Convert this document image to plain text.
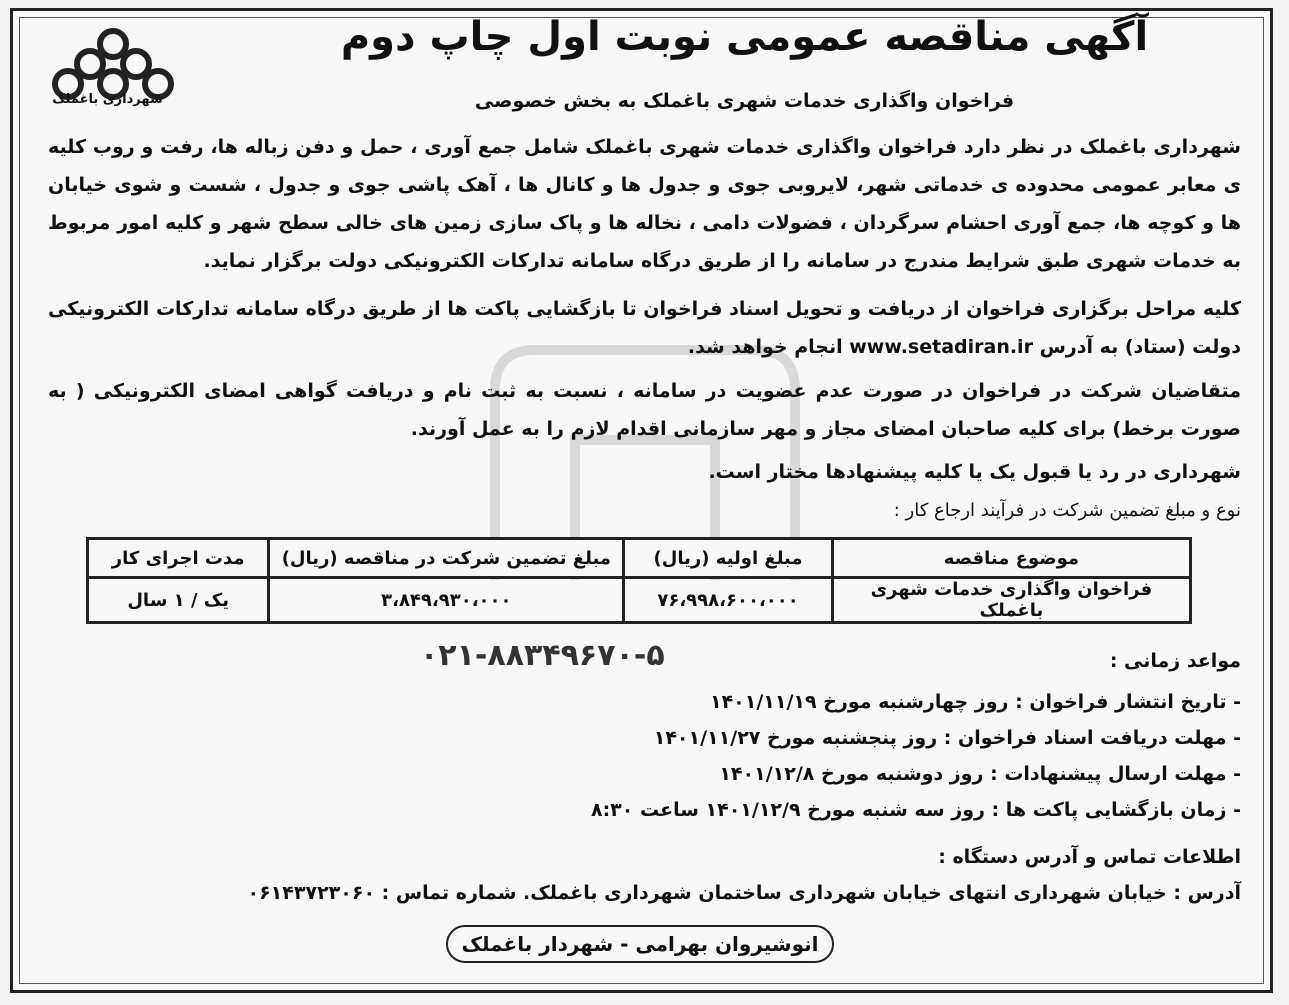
شهرداری باغملک
آگهی مناقصه عمومی نوبت اول چاپ دوم
فراخوان واگذاری خدمات شهری باغملک به بخش خصوصی
شهرداری باغملک در نظر دارد فراخوان واگذاری خدمات شهری باغملک شامل جمع آوری ، حمل و دفن زباله ها، رفت و روب کلیه ی معابر عمومی محدوده ی خدماتی شهر، لایروبی جوی و جدول ها و کانال ها ، آهک پاشی جوی و جدول ، شست و شوی خیابان ها و کوچه ها، جمع آوری احشام سرگردان ، فضولات دامی ، نخاله ها و پاک سازی زمین های خالی سطح شهر و کلیه امور مربوط به خدمات شهری طبق شرایط مندرج در سامانه را از طریق درگاه سامانه تدارکات الکترونیکی دولت برگزار نماید.
کلیه مراحل برگزاری فراخوان از دریافت و تحویل اسناد فراخوان تا بازگشایی پاکت ها از طریق درگاه سامانه تدارکات الکترونیکی دولت (ستاد) به آدرس www.setadiran.ir انجام خواهد شد.
متقاضیان شرکت در فراخوان در صورت عدم عضویت در سامانه ، نسبت به ثبت نام و دریافت گواهی امضای الکترونیکی ( به صورت برخط) برای کلیه صاحبان امضای مجاز و مهر سازمانی اقدام لازم را به عمل آورند.
شهرداری در رد یا قبول یک یا کلیه پیشنهادها مختار است.
نوع و مبلغ تضمین شرکت در فرآیند ارجاع کار :
موضوع مناقصه	مبلغ اولیه (ریال)	مبلغ تضمین شرکت در مناقصه (ریال)	مدت اجرای کار
فراخوان واگذاری خدمات شهری باغملک	۷۶،۹۹۸،۶۰۰،۰۰۰	۳،۸۴۹،۹۳۰،۰۰۰	یک / ۱ سال
۰۲۱-۸۸۳۴۹۶۷۰-۵	مواعد زمانی :
- تاریخ انتشار فراخوان : روز چهارشنبه مورخ ۱۴۰۱/۱۱/۱۹
- مهلت دریافت اسناد فراخوان : روز پنجشنبه مورخ ۱۴۰۱/۱۱/۲۷
- مهلت ارسال پیشنهادات : روز دوشنبه مورخ ۱۴۰۱/۱۲/۸
- زمان بازگشایی پاکت ها : روز سه شنبه مورخ ۱۴۰۱/۱۲/۹ ساعت ۸:۳۰
اطلاعات تماس و آدرس دستگاه :
آدرس : خیابان شهرداری انتهای خیابان شهرداری ساختمان شهرداری باغملک. شماره تماس : ۰۶۱۴۳۷۲۳۰۶۰
انوشیروان بهرامی - شهردار باغملک
